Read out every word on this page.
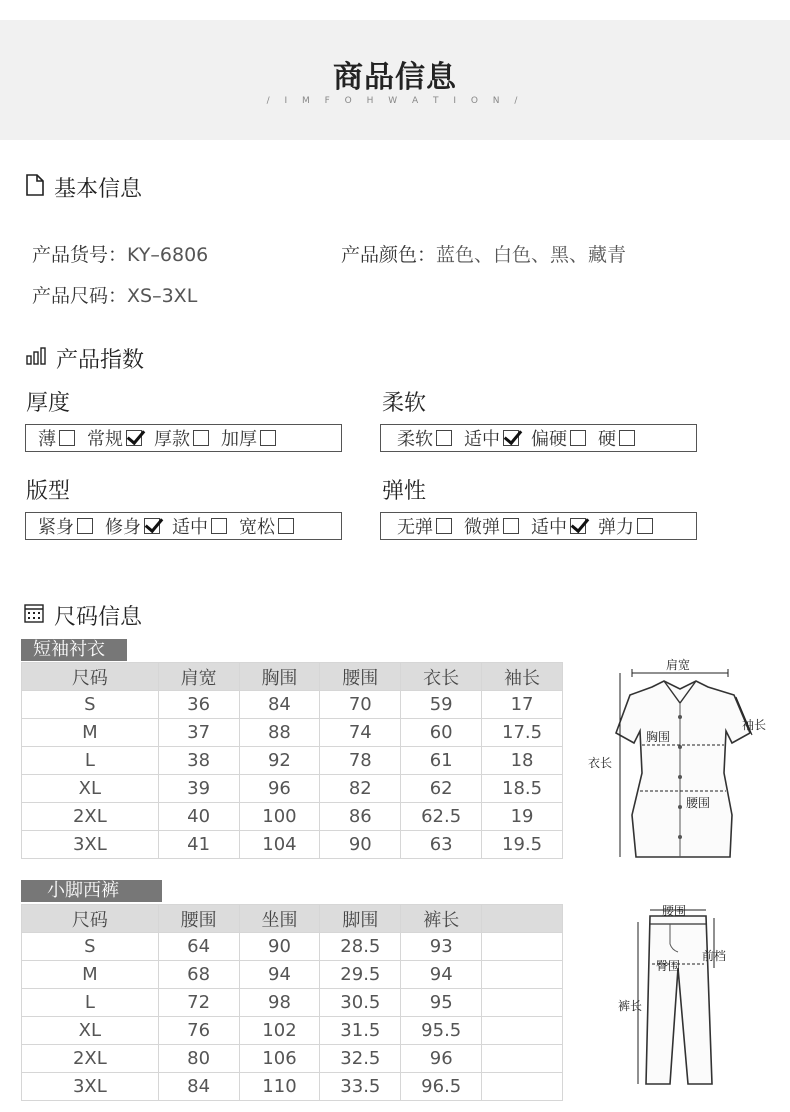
商品信息
/ I M F O H W A T I O N /
基本信息
产品货号：KY–6806	产品颜色：蓝色、白色、黑、藏青
产品尺码：XS–3XL
产品指数
厚度
薄 常规 厚款 加厚
柔软
柔软 适中 偏硬 硬
版型
紧身 修身 适中 宽松
弹性
无弹 微弹 适中 弹力
尺码信息
短袖衬衣
尺码	肩宽	胸围	腰围	衣长	袖长
S	36	84	70	59	17
M	37	88	74	60	17.5
L	38	92	78	61	18
XL	39	96	82	62	18.5
2XL	40	100	86	62.5	19
3XL	41	104	90	63	19.5
肩宽
袖长
胸围
衣长
腰围
小脚西裤
尺码	腰围	坐围	脚围	裤长	
S	64	90	28.5	93	
M	68	94	29.5	94	
L	72	98	30.5	95	
XL	76	102	31.5	95.5	
2XL	80	106	32.5	96	
3XL	84	110	33.5	96.5	
腰围
前档
臀围
裤长
